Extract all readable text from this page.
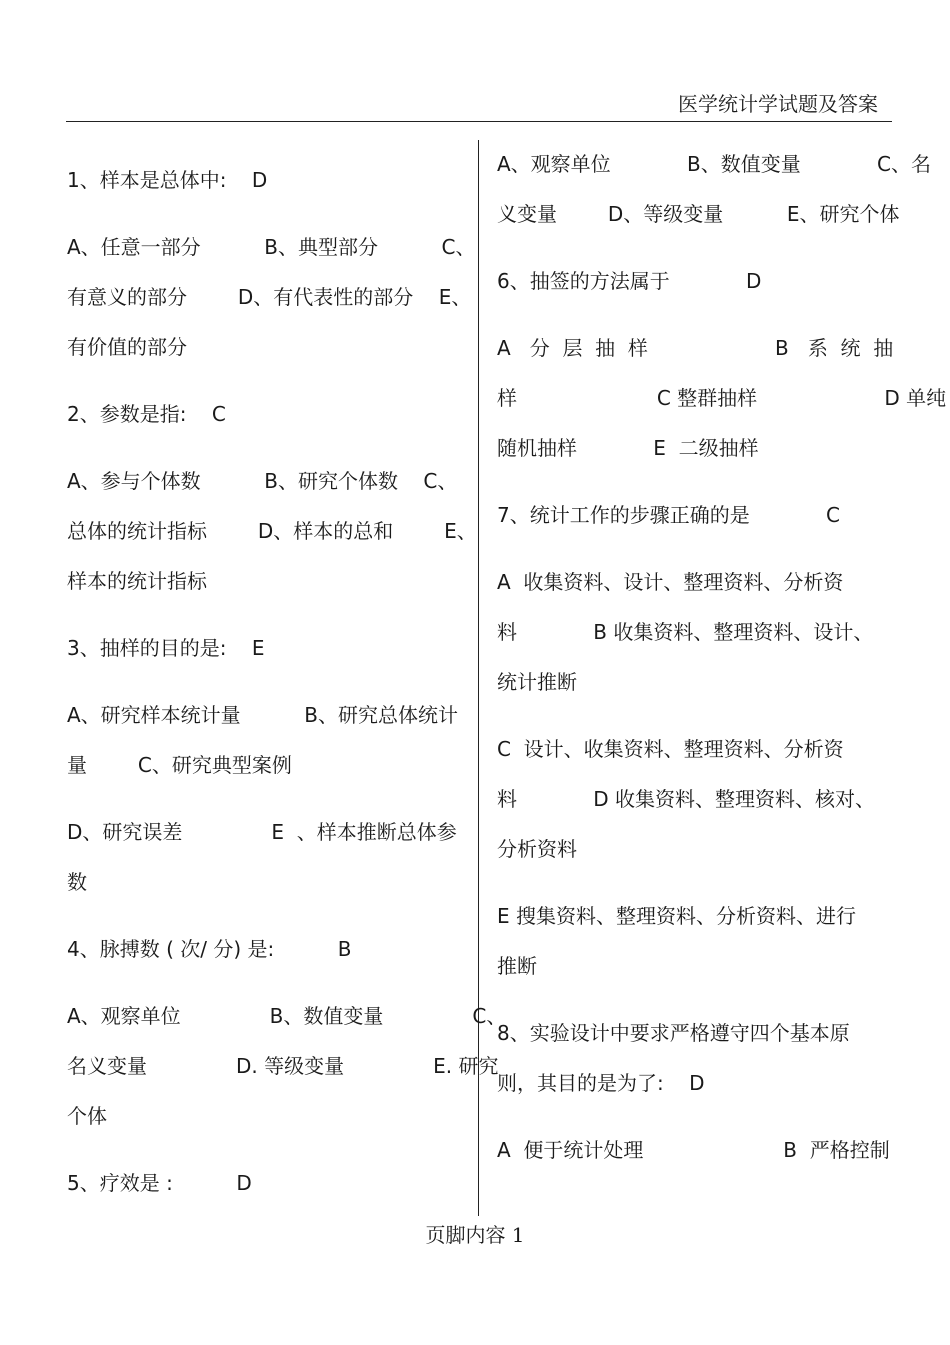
医学统计学试题及答案
1、样本是总体中:    D
A、任意一部分          B、典型部分          C、
有意义的部分        D、有代表性的部分    E、
有价值的部分
2、参数是指:    C
A、参与个体数          B、研究个体数    C、
总体的统计指标        D、样本的总和        E、
样本的统计指标
3、抽样的目的是:    E
A、研究样本统计量          B、研究总体统计
量        C、研究典型案例
D、研究误差              E  、样本推断总体参
数
4、脉搏数 ( 次/ 分) 是:          B
A、观察单位              B、数值变量              C、
名义变量              D. 等级变量              E. 研究
个体
5、疗效是 :          D
A、观察单位            B、数值变量            C、名
义变量        D、等级变量          E、研究个体
6、抽签的方法属于            D
A   分  层  抽  样                    B   系  统  抽
样                      C 整群抽样                    D 单纯
随机抽样            E  二级抽样
7、统计工作的步骤正确的是            C
A  收集资料、设计、整理资料、分析资
料            B 收集资料、整理资料、设计、
统计推断
C  设计、收集资料、整理资料、分析资
料            D 收集资料、整理资料、核对、
分析资料
E 搜集资料、整理资料、分析资料、进行
推断
8、实验设计中要求严格遵守四个基本原
则，其目的是为了:    D
A  便于统计处理                      B  严格控制
页脚内容 1
